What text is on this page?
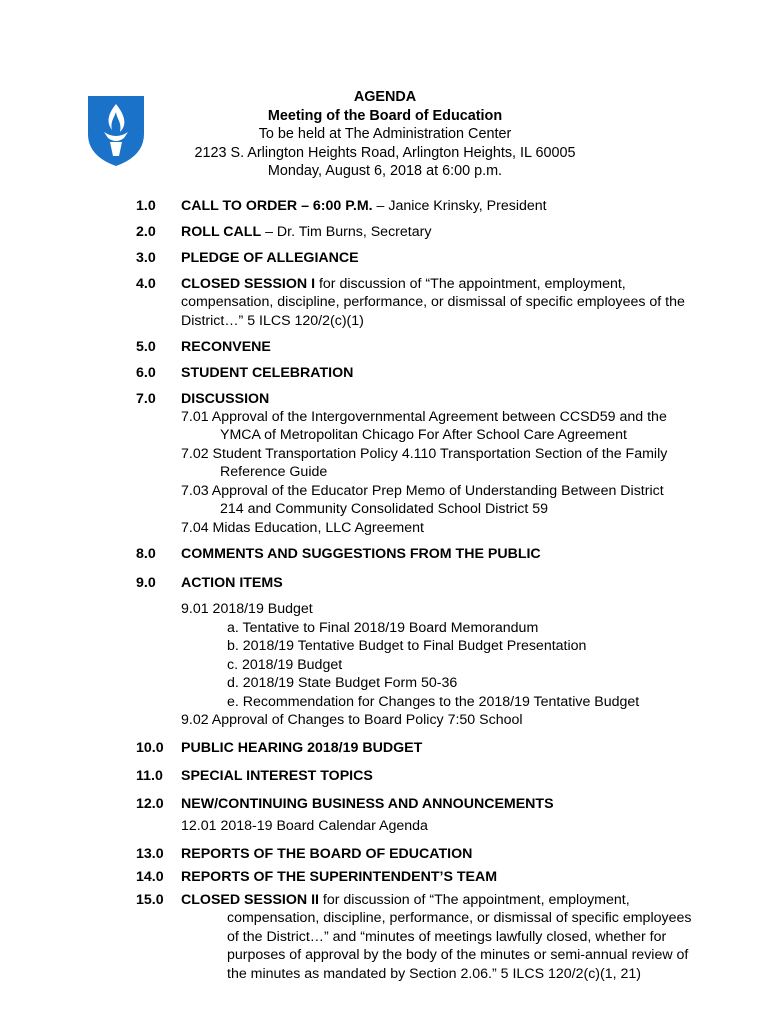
AGENDA
Meeting of the Board of Education
To be held at The Administration Center
2123 S. Arlington Heights Road, Arlington Heights, IL 60005
Monday, August 6, 2018 at 6:00 p.m.
1.0 CALL TO ORDER – 6:00 P.M. – Janice Krinsky, President
2.0 ROLL CALL – Dr. Tim Burns, Secretary
3.0 PLEDGE OF ALLEGIANCE
4.0 CLOSED SESSION I for discussion of “The appointment, employment,
compensation, discipline, performance, or dismissal of specific employees of the
District…” 5 ILCS 120/2(c)(1)
5.0 RECONVENE
6.0 STUDENT CELEBRATION
7.0 DISCUSSION
7.01 Approval of the Intergovernmental Agreement between CCSD59 and the
YMCA of Metropolitan Chicago For After School Care Agreement
7.02 Student Transportation Policy 4.110 Transportation Section of the Family
Reference Guide
7.03 Approval of the Educator Prep Memo of Understanding Between District
214 and Community Consolidated School District 59
7.04 Midas Education, LLC Agreement
8.0 COMMENTS AND SUGGESTIONS FROM THE PUBLIC
9.0 ACTION ITEMS
9.01 2018/19 Budget
a. Tentative to Final 2018/19 Board Memorandum
b. 2018/19 Tentative Budget to Final Budget Presentation
c. 2018/19 Budget
d. 2018/19 State Budget Form 50-36
e. Recommendation for Changes to the 2018/19 Tentative Budget
9.02 Approval of Changes to Board Policy 7:50 School
10.0 PUBLIC HEARING 2018/19 BUDGET
11.0 SPECIAL INTEREST TOPICS
12.0 NEW/CONTINUING BUSINESS AND ANNOUNCEMENTS
12.01 2018-19 Board Calendar Agenda
13.0 REPORTS OF THE BOARD OF EDUCATION
14.0 REPORTS OF THE SUPERINTENDENT’S TEAM
15.0 CLOSED SESSION II for discussion of “The appointment, employment,
compensation, discipline, performance, or dismissal of specific employees
of the District…” and “minutes of meetings lawfully closed, whether for
purposes of approval by the body of the minutes or semi-annual review of
the minutes as mandated by Section 2.06.” 5 ILCS 120/2(c)(1, 21)
